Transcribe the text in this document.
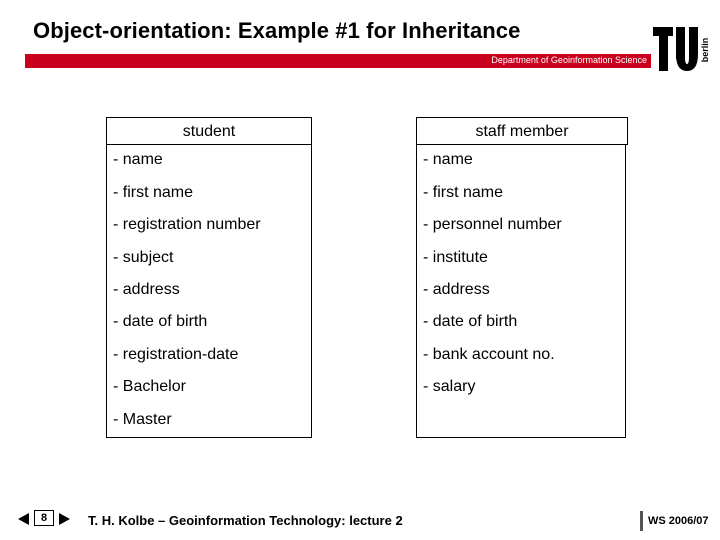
Object-orientation: Example #1 for Inheritance
Department of Geoinformation Science	berlin
student
- name
- first name
- registration number
- subject
- address
- date of birth
- registration-date
- Bachelor
- Master
staff member
- name
- first name
- personnel number
- institute
- address
- date of birth
- bank account no.
- salary
8	T. H. Kolbe – Geoinformation Technology: lecture 2	WS 2006/07
